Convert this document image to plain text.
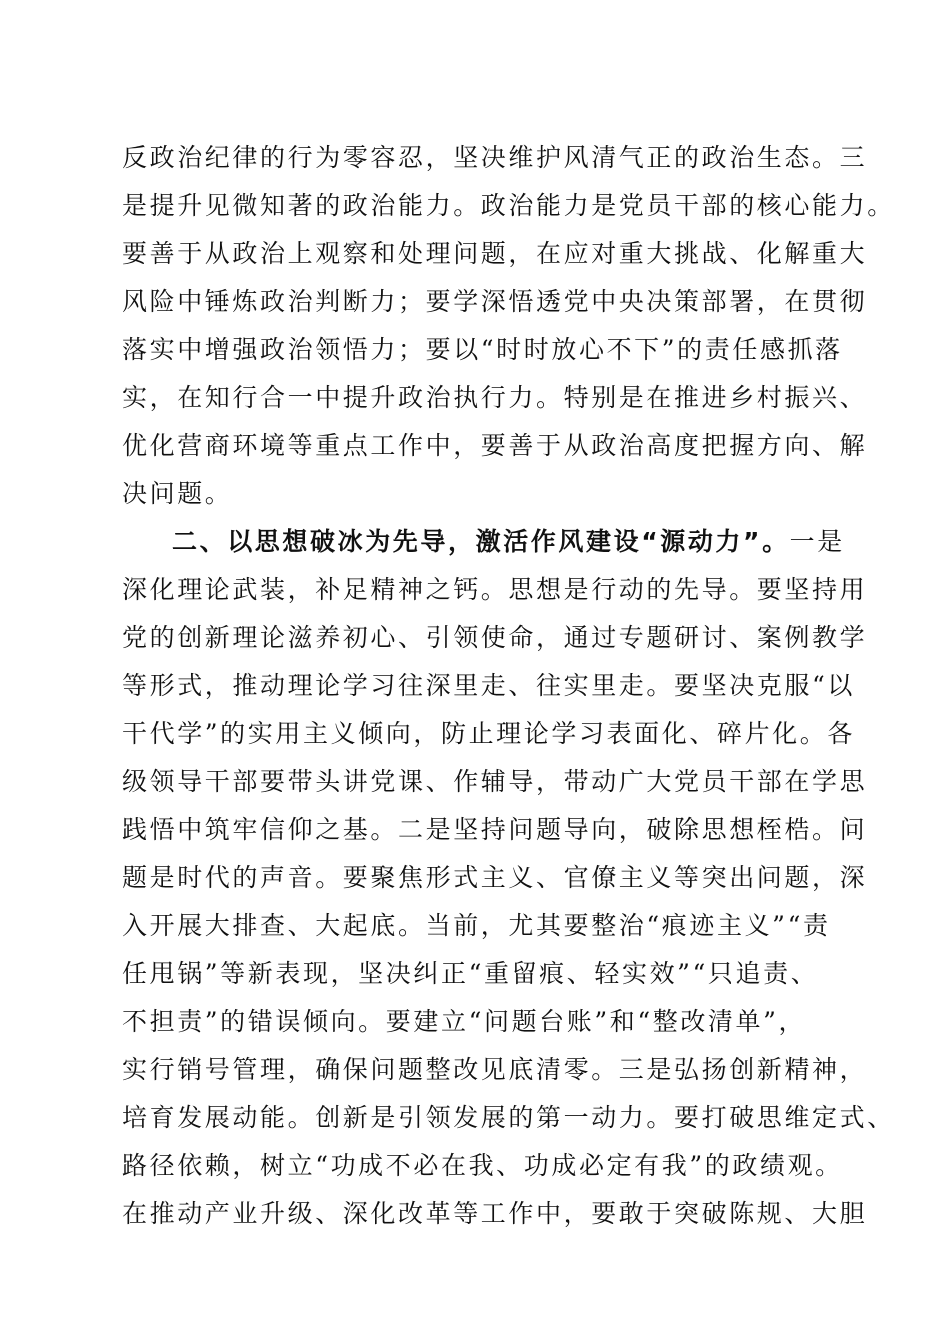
反政治纪律的行为零容忍，坚决维护风清气正的政治生态。三
是提升见微知著的政治能力。政治能力是党员干部的核心能力。
要善于从政治上观察和处理问题，在应对重大挑战、化解重大
风险中锤炼政治判断力；要学深悟透党中央决策部署，在贯彻
落实中增强政治领悟力；要以“时时放心不下”的责任感抓落
实，在知行合一中提升政治执行力。特别是在推进乡村振兴、
优化营商环境等重点工作中，要善于从政治高度把握方向、解
决问题。
二、以思想破冰为先导，激活作风建设“源动力”。一是
深化理论武装，补足精神之钙。思想是行动的先导。要坚持用
党的创新理论滋养初心、引领使命，通过专题研讨、案例教学
等形式，推动理论学习往深里走、往实里走。要坚决克服“以
干代学”的实用主义倾向，防止理论学习表面化、碎片化。各
级领导干部要带头讲党课、作辅导，带动广大党员干部在学思
践悟中筑牢信仰之基。二是坚持问题导向，破除思想桎梏。问
题是时代的声音。要聚焦形式主义、官僚主义等突出问题，深
入开展大排查、大起底。当前，尤其要整治“痕迹主义”“责
任甩锅”等新表现，坚决纠正“重留痕、轻实效”“只追责、
不担责”的错误倾向。要建立“问题台账”和“整改清单”，
实行销号管理，确保问题整改见底清零。三是弘扬创新精神，
培育发展动能。创新是引领发展的第一动力。要打破思维定式、
路径依赖，树立“功成不必在我、功成必定有我”的政绩观。
在推动产业升级、深化改革等工作中，要敢于突破陈规、大胆
